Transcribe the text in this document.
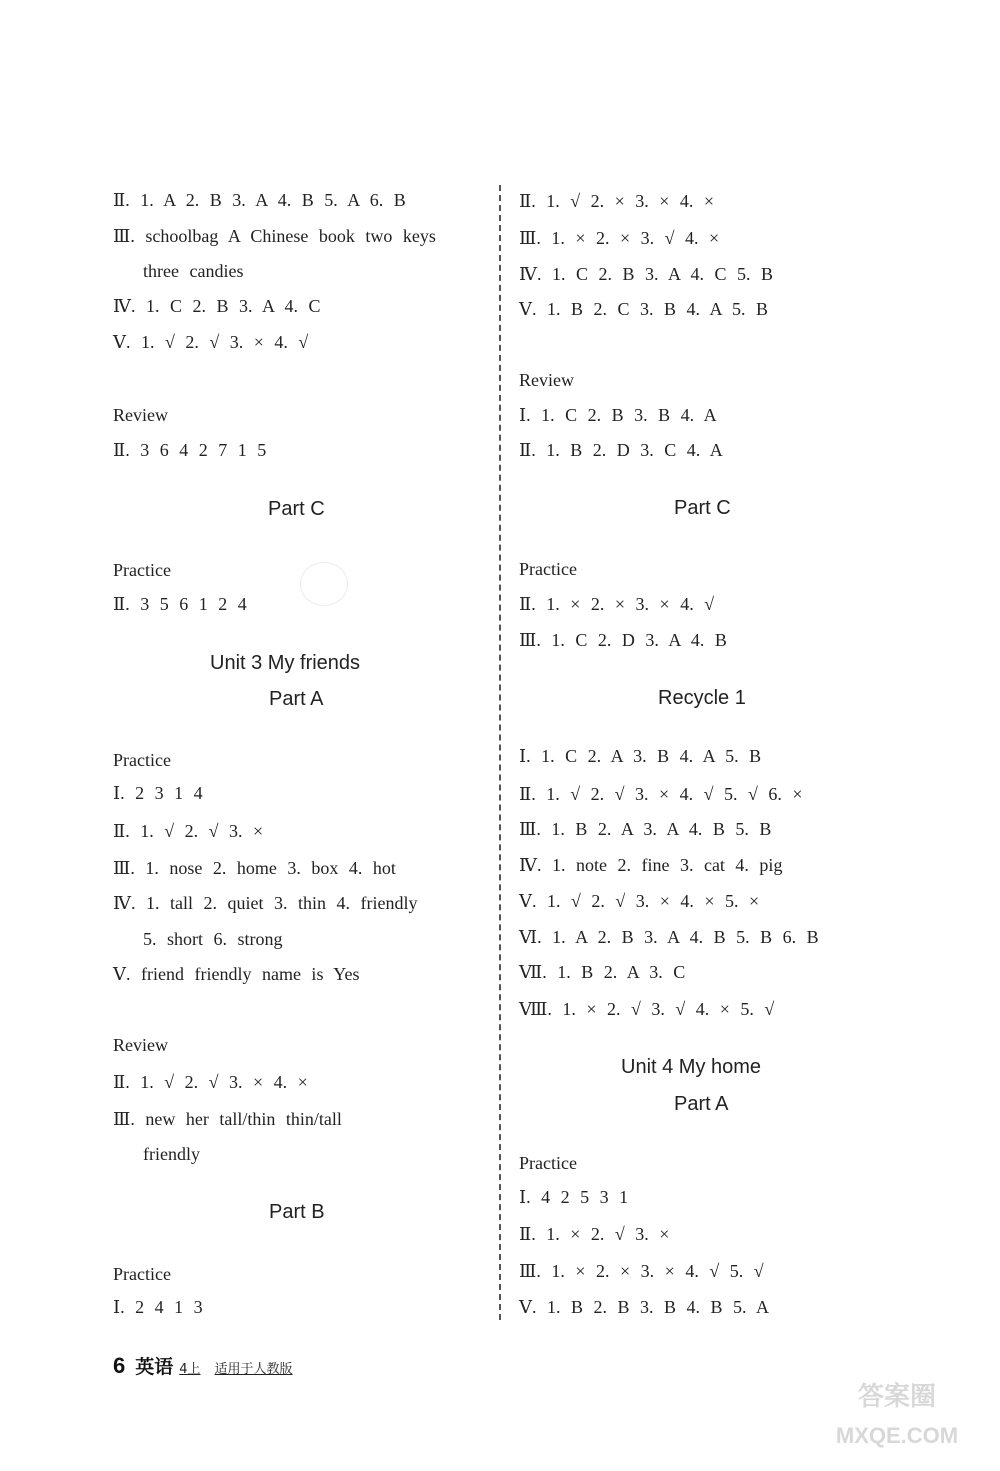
Ⅱ. 1. A 2. B 3. A 4. B 5. A 6. B
Ⅲ. schoolbag A Chinese book two keys
three candies
Ⅳ. 1. C 2. B 3. A 4. C
Ⅴ. 1. √ 2. √ 3. × 4. √
Review
Ⅱ. 3 6 4 2 7 1 5
Part C
Practice
Ⅱ. 3 5 6 1 2 4
Unit 3 My friends
Part A
Practice
Ⅰ. 2 3 1 4
Ⅱ. 1. √ 2. √ 3. ×
Ⅲ. 1. nose 2. home 3. box 4. hot
Ⅳ. 1. tall 2. quiet 3. thin 4. friendly
5. short 6. strong
Ⅴ. friend friendly name is Yes
Review
Ⅱ. 1. √ 2. √ 3. × 4. ×
Ⅲ. new her tall/thin thin/tall
friendly
Part B
Practice
Ⅰ. 2 4 1 3
Ⅱ. 1. √ 2. × 3. × 4. ×
Ⅲ. 1. × 2. × 3. √ 4. ×
Ⅳ. 1. C 2. B 3. A 4. C 5. B
Ⅴ. 1. B 2. C 3. B 4. A 5. B
Review
Ⅰ. 1. C 2. B 3. B 4. A
Ⅱ. 1. B 2. D 3. C 4. A
Part C
Practice
Ⅱ. 1. × 2. × 3. × 4. √
Ⅲ. 1. C 2. D 3. A 4. B
Recycle 1
Ⅰ. 1. C 2. A 3. B 4. A 5. B
Ⅱ. 1. √ 2. √ 3. × 4. √ 5. √ 6. ×
Ⅲ. 1. B 2. A 3. A 4. B 5. B
Ⅳ. 1. note 2. fine 3. cat 4. pig
Ⅴ. 1. √ 2. √ 3. × 4. × 5. ×
Ⅵ. 1. A 2. B 3. A 4. B 5. B 6. B
Ⅶ. 1. B 2. A 3. C
Ⅷ. 1. × 2. √ 3. √ 4. × 5. √
Unit 4 My home
Part A
Practice
Ⅰ. 4 2 5 3 1
Ⅱ. 1. × 2. √ 3. ×
Ⅲ. 1. × 2. × 3. × 4. √ 5. √
Ⅴ. 1. B 2. B 3. B 4. B 5. A
6 英语 4上 适用于人教版
答案圈
MXQE.COM
